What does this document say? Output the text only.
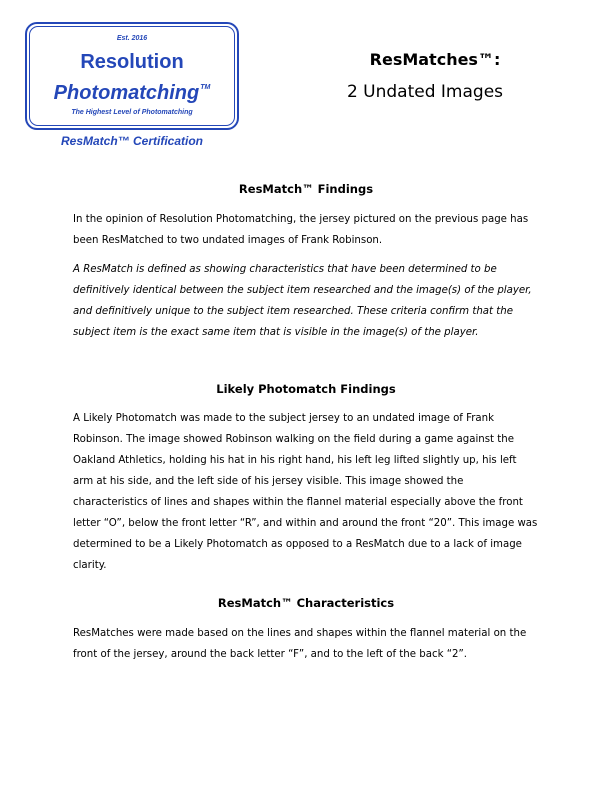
Est. 2016
Resolution
Photomatching™
The Highest Level of Photomatching
ResMatch™ Certification
ResMatches™:
2 Undated Images
ResMatch™ Findings
In the opinion of Resolution Photomatching, the jersey pictured on the previous page has been ResMatched to two undated images of Frank Robinson.
A ResMatch is defined as showing characteristics that have been determined to be definitively identical between the subject item researched and the image(s) of the player, and definitively unique to the subject item researched. These criteria confirm that the subject item is the exact same item that is visible in the image(s) of the player.
Likely Photomatch Findings
A Likely Photomatch was made to the subject jersey to an undated image of Frank Robinson. The image showed Robinson walking on the field during a game against the Oakland Athletics, holding his hat in his right hand, his left leg lifted slightly up, his left arm at his side, and the left side of his jersey visible. This image showed the characteristics of lines and shapes within the flannel material especially above the front letter “O”, below the front letter “R”, and within and around the front “20”. This image was determined to be a Likely Photomatch as opposed to a ResMatch due to a lack of image clarity.
ResMatch™ Characteristics
ResMatches were made based on the lines and shapes within the flannel material on the front of the jersey, around the back letter “F”, and to the left of the back “2”.
